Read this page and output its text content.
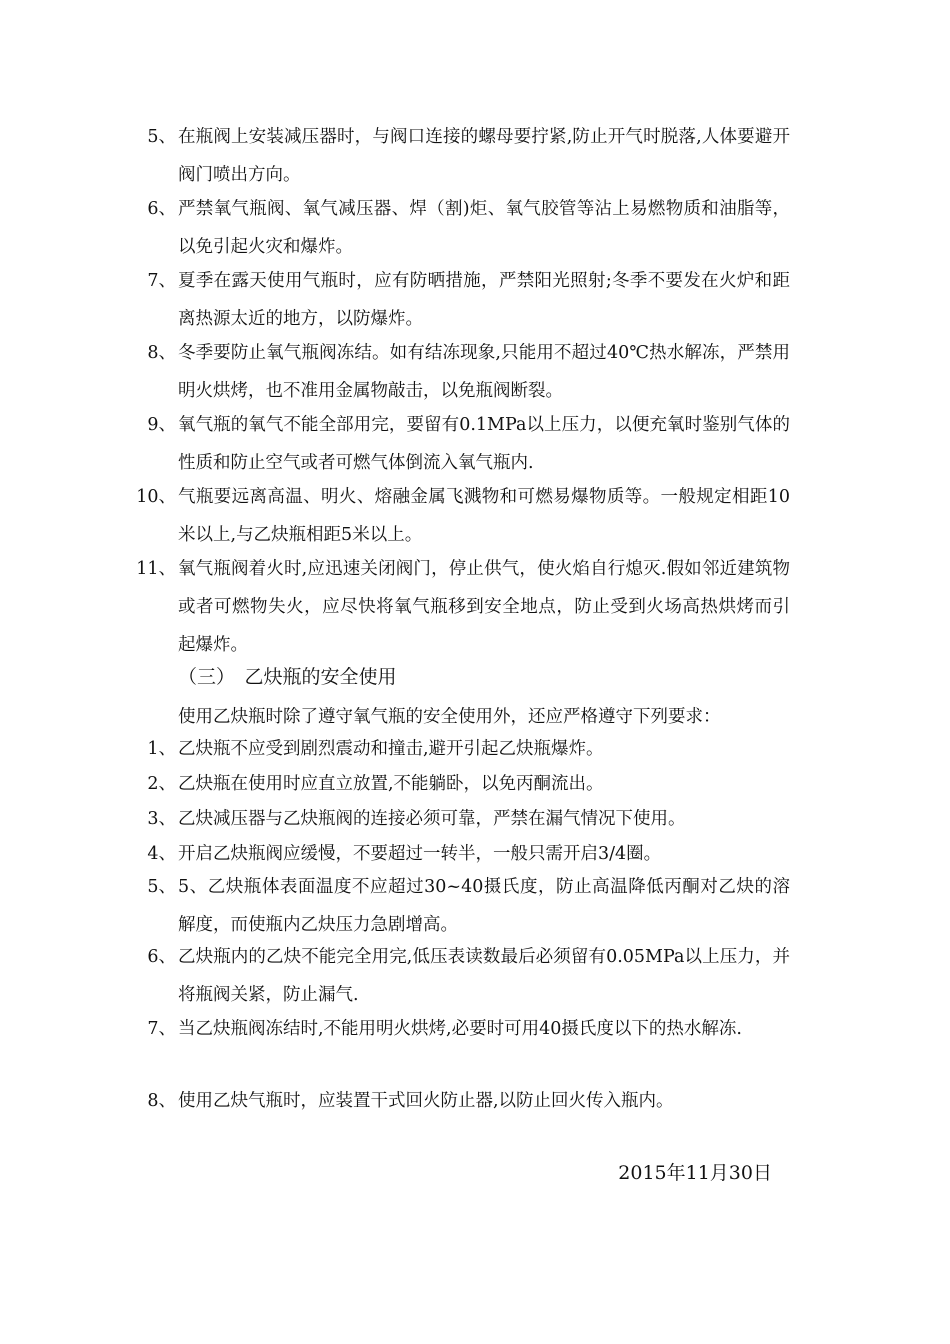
5、 在瓶阀上安装减压器时，与阀口连接的螺母要拧紧,防止开气时脱落,人体要避开阀门喷出方向。
6、 严禁氧气瓶阀、氧气减压器、焊（割)炬、氧气胶管等沾上易燃物质和油脂等，以免引起火灾和爆炸。
7、 夏季在露天使用气瓶时，应有防晒措施，严禁阳光照射;冬季不要发在火炉和距离热源太近的地方，以防爆炸。
8、 冬季要防止氧气瓶阀冻结。如有结冻现象,只能用不超过40℃热水解冻，严禁用明火烘烤，也不准用金属物敲击，以免瓶阀断裂。
9、 氧气瓶的氧气不能全部用完，要留有0.1MPa以上压力，以便充氧时鉴别气体的性质和防止空气或者可燃气体倒流入氧气瓶内.
10、 气瓶要远离高温、明火、熔融金属飞溅物和可燃易爆物质等。一般规定相距10米以上,与乙炔瓶相距5米以上。
11、 氧气瓶阀着火时,应迅速关闭阀门，停止供气，使火焰自行熄灭.假如邻近建筑物或者可燃物失火，应尽快将氧气瓶移到安全地点，防止受到火场高热烘烤而引起爆炸。
（三）　乙炔瓶的安全使用
使用乙炔瓶时除了遵守氧气瓶的安全使用外，还应严格遵守下列要求：
1、 乙炔瓶不应受到剧烈震动和撞击,避开引起乙炔瓶爆炸。
2、 乙炔瓶在使用时应直立放置,不能躺卧，以免丙酮流出。
3、 乙炔减压器与乙炔瓶阀的连接必须可靠，严禁在漏气情况下使用。
4、 开启乙炔瓶阀应缓慢，不要超过一转半，一般只需开启3/4圈。
5、 5、乙炔瓶体表面温度不应超过30~40摄氏度，防止高温降低丙酮对乙炔的溶解度，而使瓶内乙炔压力急剧增高。
6、 乙炔瓶内的乙炔不能完全用完,低压表读数最后必须留有0.05MPa以上压力，并将瓶阀关紧，防止漏气.
7、 当乙炔瓶阀冻结时,不能用明火烘烤,必要时可用40摄氏度以下的热水解冻.
8、 使用乙炔气瓶时，应装置干式回火防止器,以防止回火传入瓶内。
2015年11月30日
